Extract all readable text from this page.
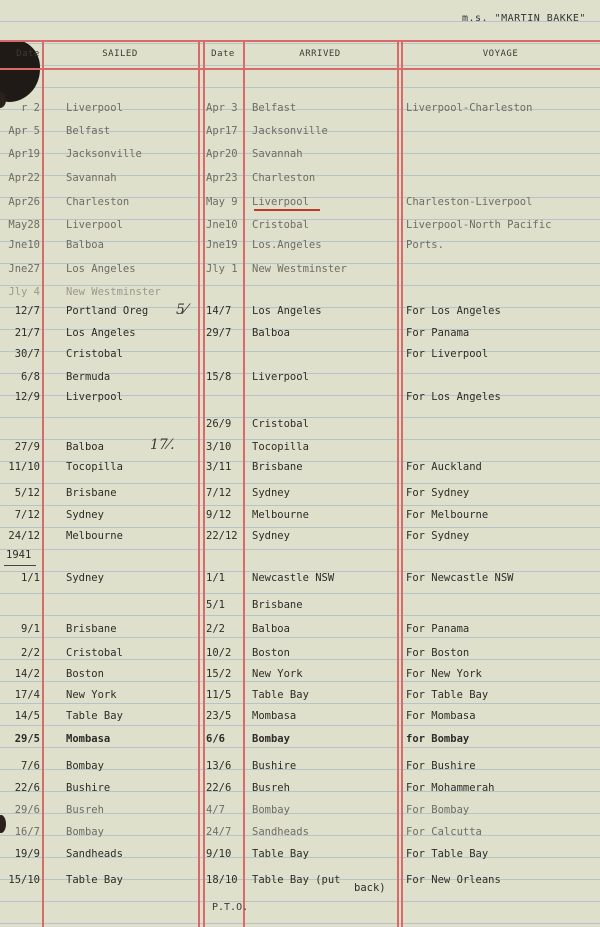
m.s. "MARTIN BAKKE"
Date	SAILED	Date	ARRIVED	VOYAGE
1941
5⁄
17⁄.
r 2 Liverpool	Apr 3	Belfast	Liverpool-Charleston
Apr 5 Belfast	Apr17	Jacksonville
Apr19 Jacksonville	Apr20	Savannah
Apr22 Savannah	Apr23	Charleston
Apr26 Charleston	May 9	Liverpool	Charleston-Liverpool
May28 Liverpool	Jne10	Cristobal	Liverpool-North Pacific
Jne10 Balboa	Jne19	Los.Angeles	Ports.
Jne27 Los Angeles	Jly 1	New Westminster
Jly 4 New Westminster
12/7 Portland Oreg	14/7	Los Angeles	For Los Angeles
21/7 Los Angeles	29/7	Balboa	For Panama
30/7 Cristobal	For Liverpool
6/8 Bermuda	15/8	Liverpool
12/9 Liverpool	For Los Angeles
26/9	Cristobal
27/9 Balboa	3/10	Tocopilla
11/10 Tocopilla	3/11	Brisbane	For Auckland
5/12 Brisbane	7/12	Sydney	For Sydney
7/12 Sydney	9/12	Melbourne	For Melbourne
24/12 Melbourne	22/12	Sydney	For Sydney
1/1 Sydney	1/1	Newcastle NSW	For Newcastle NSW
5/1	Brisbane
9/1 Brisbane	2/2	Balboa	For Panama
2/2 Cristobal	10/2	Boston	For Boston
14/2 Boston	15/2	New York	For New York
17/4 New York	11/5	Table Bay	For Table Bay
14/5 Table Bay	23/5	Mombasa	For Mombasa
29/5 Mombasa	6/6	Bombay	for Bombay
7/6 Bombay	13/6	Bushire	For Bushire
22/6 Bushire	22/6	Busreh	For Mohammerah
29/6 Busreh	4/7	Bombay	For Bombay
16/7 Bombay	24/7	Sandheads	For Calcutta
19/9 Sandheads	9/10	Table Bay	For Table Bay
15/10 Table Bay	18/10	Table Bay (put	For New Orleans
back)
P.T.O.
